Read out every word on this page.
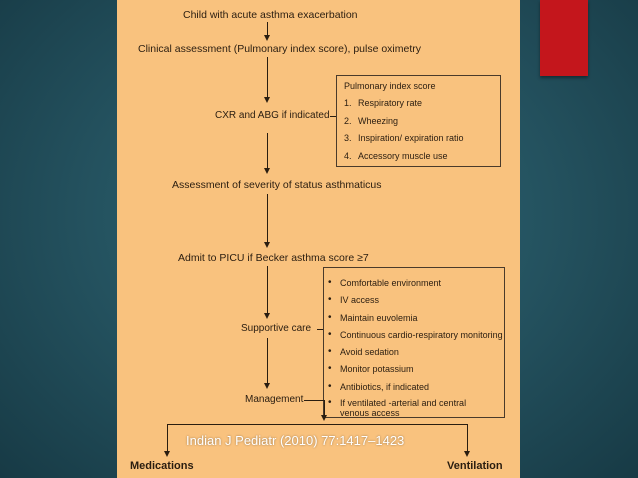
Child with acute asthma exacerbation
Clinical assessment (Pulmonary index score), pulse oximetry
CXR and ABG if indicated
Pulmonary index score
1. Respiratory rate
2. Wheezing
3. Inspiration/ expiration ratio
4. Accessory muscle use
Assessment of severity of status asthmaticus
Admit to PICU if Becker asthma score ≥7
Supportive care
• Comfortable environment
• IV access
• Maintain euvolemia
• Continuous cardio-respiratory monitoring
• Avoid sedation
• Monitor potassium
• Antibiotics, if indicated
• If ventilated -arterial and central venous access
Management
Medications	Ventilation
Indian J Pediatr (2010) 77:1417–1423
